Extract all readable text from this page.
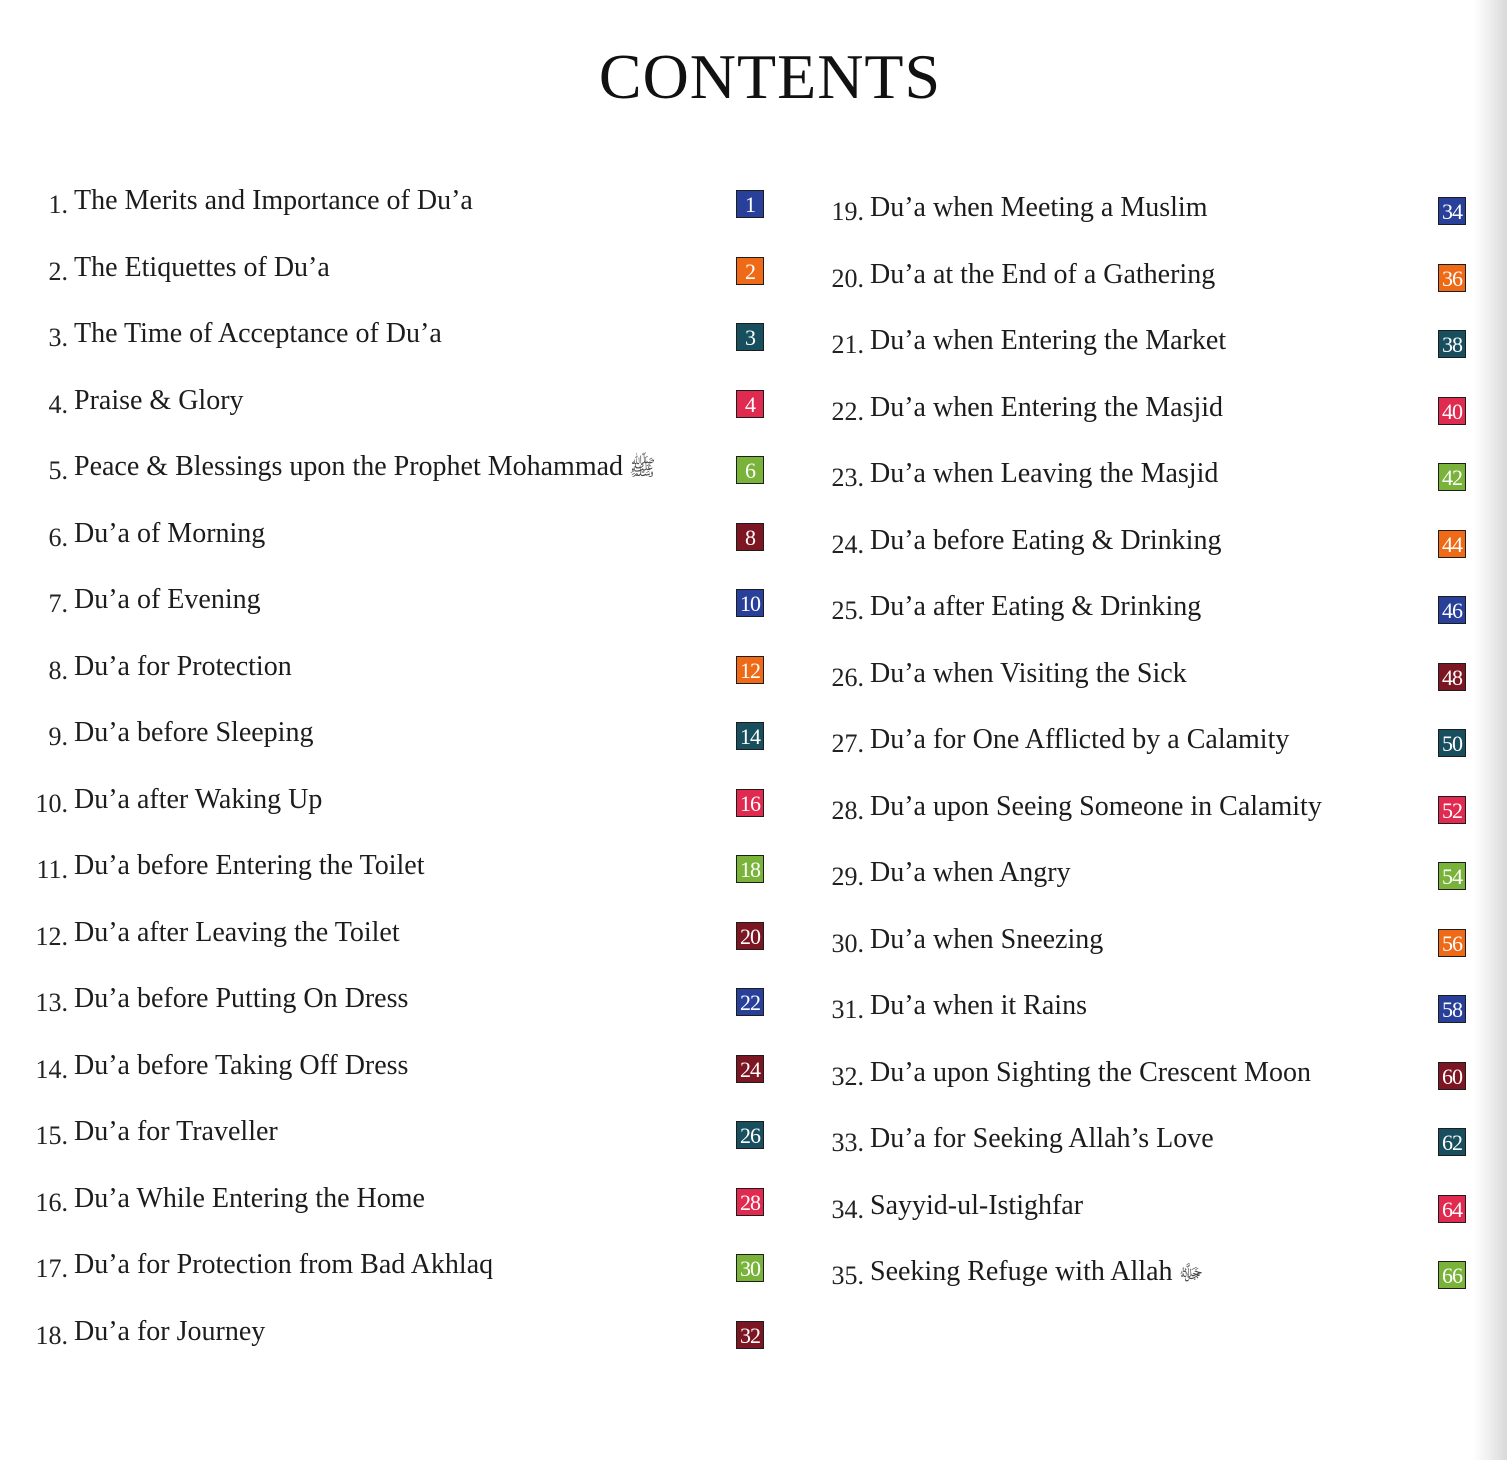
CONTENTS
1. The Merits and Importance of Du’a	1
2. The Etiquettes of Du’a	2
3. The Time of Acceptance of Du’a	3
4. Praise & Glory	4
5. Peace & Blessings upon the Prophet Mohammad ﷺ	6
6. Du’a of Morning	8
7. Du’a of Evening	10
8. Du’a for Protection	12
9. Du’a before Sleeping	14
10. Du’a after Waking Up	16
11. Du’a before Entering the Toilet	18
12. Du’a after Leaving the Toilet	20
13. Du’a before Putting On Dress	22
14. Du’a before Taking Off Dress	24
15. Du’a for Traveller	26
16. Du’a While Entering the Home	28
17. Du’a for Protection from Bad Akhlaq	30
18. Du’a for Journey	32
19. Du’a when Meeting a Muslim	34
20. Du’a at the End of a Gathering	36
21. Du’a when Entering the Market	38
22. Du’a when Entering the Masjid	40
23. Du’a when Leaving the Masjid	42
24. Du’a before Eating & Drinking	44
25. Du’a after Eating & Drinking	46
26. Du’a when Visiting the Sick	48
27. Du’a for One Afflicted by a Calamity	50
28. Du’a upon Seeing Someone in Calamity	52
29. Du’a when Angry	54
30. Du’a when Sneezing	56
31. Du’a when it Rains	58
32. Du’a upon Sighting the Crescent Moon	60
33. Du’a for Seeking Allah’s Love	62
34. Sayyid-ul-Istighfar	64
35. Seeking Refuge with Allah ﷻ	66
